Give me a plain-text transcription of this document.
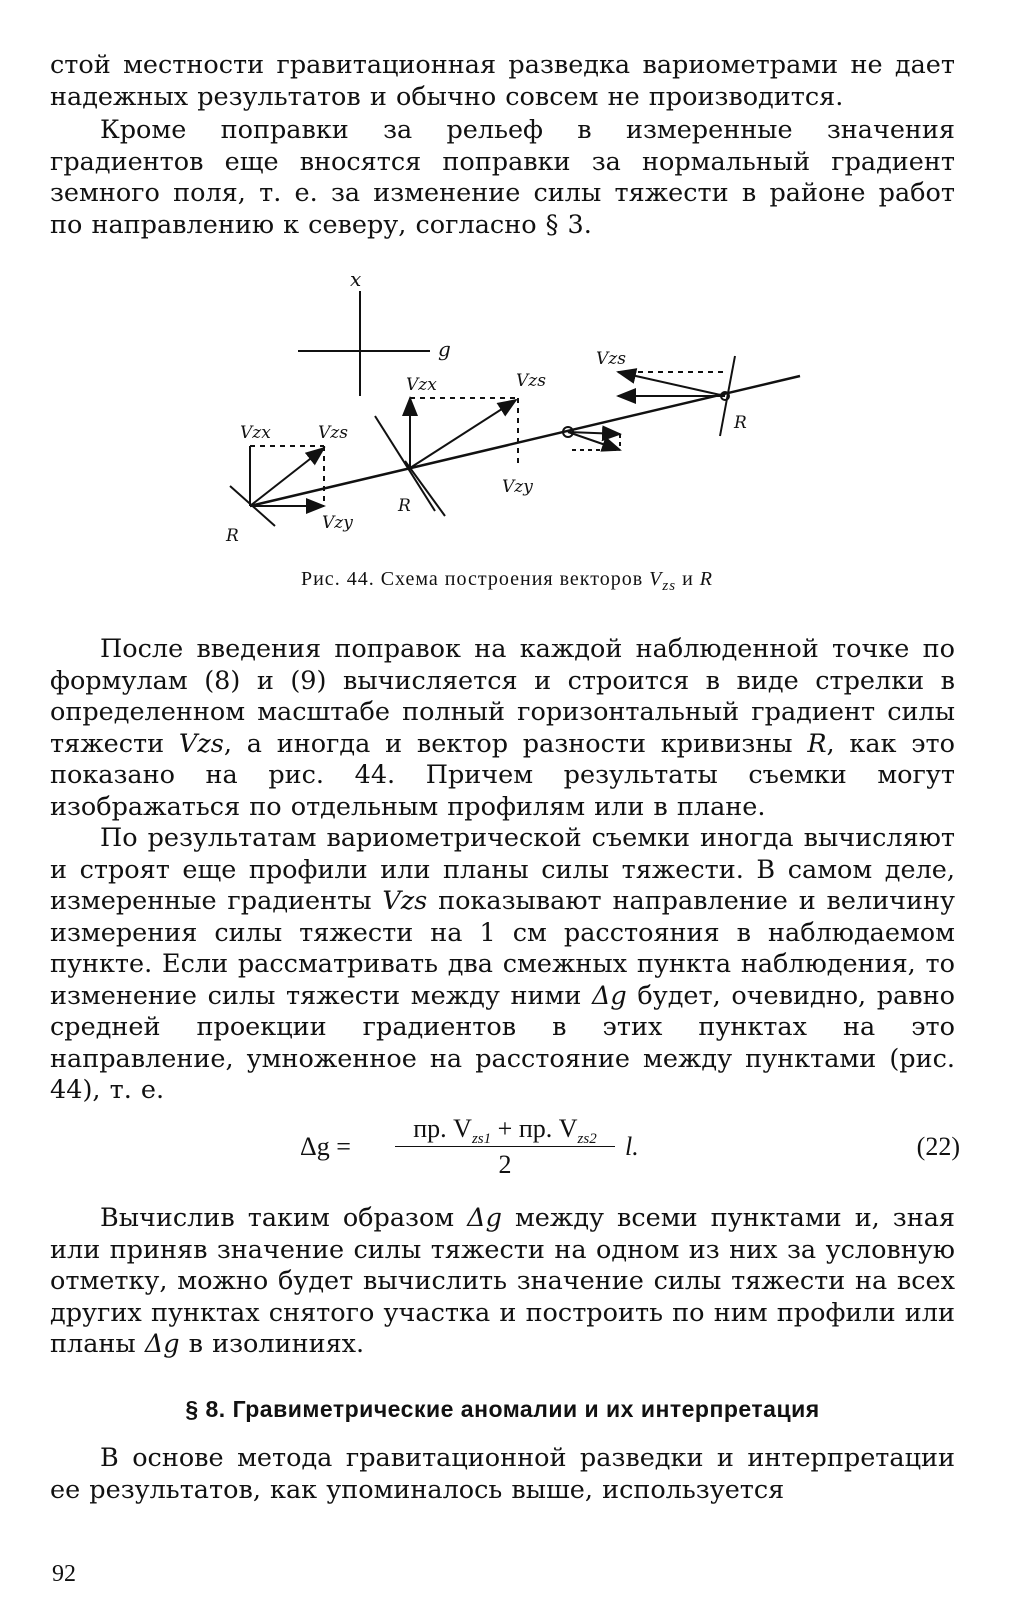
стой местности гравитационная разведка вариометрами не дает надежных результатов и обычно совсем не производится.

Кроме поправки за рельеф в измеренные значения градиентов еще вносятся поправки за нормальный градиент земного поля, т. е. за изменение силы тяжести в районе работ по направлению к северу, согласно § 3.

x
g
Vzx	Vzs
Vzy
R
Vzx	Vzs
Vzy
R
Vzs
R
Рис. 44. Схема построения векторов $V_{zs}$ и R

После введения поправок на каждой наблюденной точке по формулам (8) и (9) вычисляется и строится в виде стрелки в определенном масштабе полный горизонтальный градиент силы тяжести Vzs, а иногда и вектор разности кривизны R, как это показано на рис. 44. Причем результаты съемки могут изображаться по отдельным профилям или в плане.

По результатам вариометрической съемки иногда вычисляют и строят еще профили или планы силы тяжести. В самом деле, измеренные градиенты Vzs показывают направление и величину измерения силы тяжести на 1 см расстояния в наблюдаемом пункте. Если рассматривать два смежных пункта наблюдения, то изменение силы тяжести между ними Δg будет, очевидно, равно средней проекции градиентов в этих пунктах на это направление, умноженное на расстояние между пунктами (рис. 44), т. е.

Δg =
пр. $V_{zs1}$ + пр. $V_{zs2}$
2
l.	(22)

Вычислив таким образом Δg между всеми пунктами и, зная или приняв значение силы тяжести на одном из них за условную отметку, можно будет вычислить значение силы тяжести на всех других пунктах снятого участка и построить по ним профили или планы Δg в изолиниях.

§ 8. Гравиметрические аномалии и их интерпретация

В основе метода гравитационной разведки и интерпретации ее результатов, как упоминалось выше, используется

92
